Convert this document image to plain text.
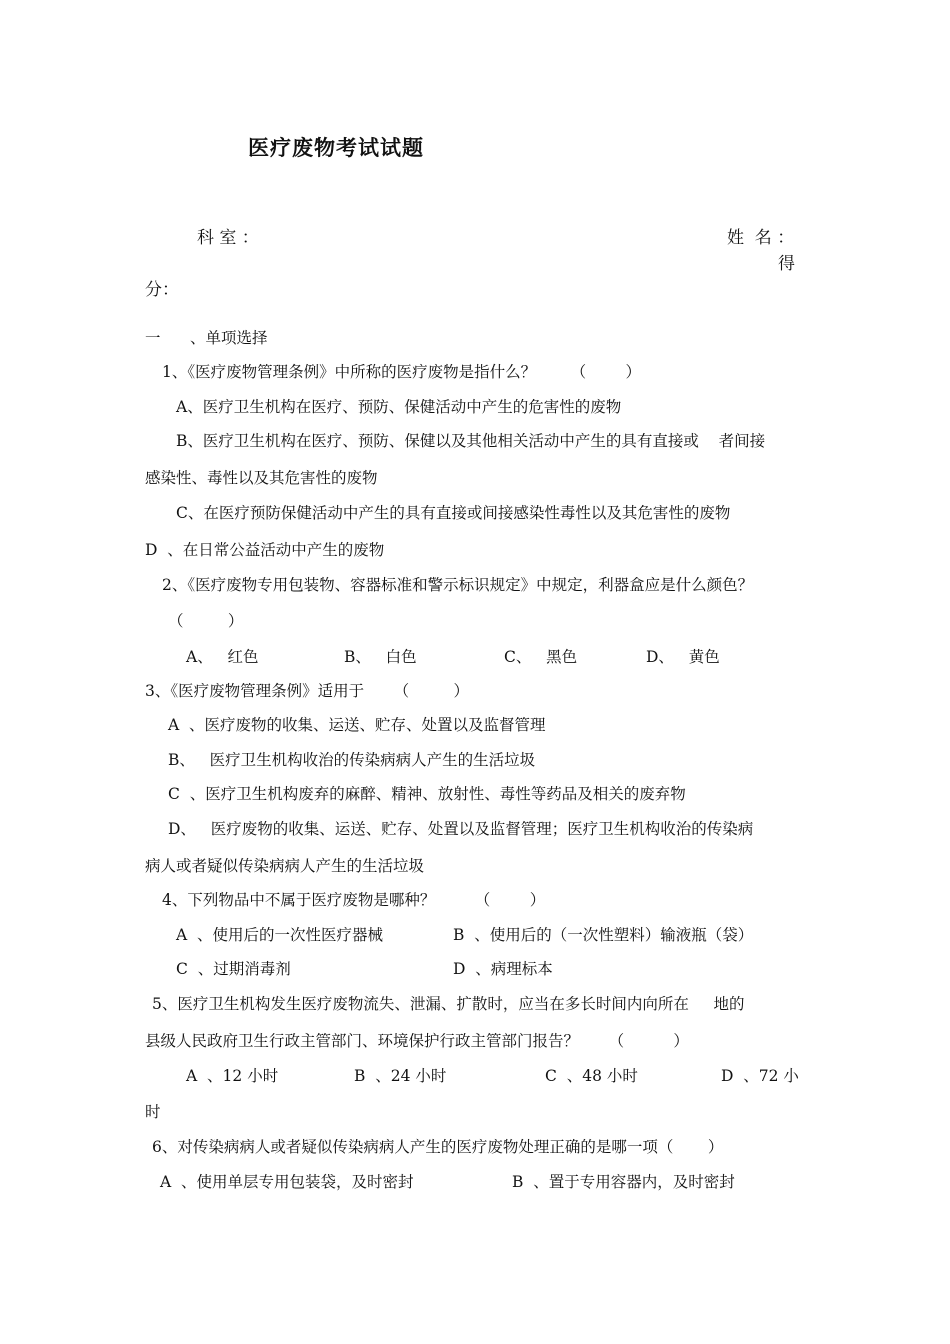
医疗废物考试试题
科 室 ：	姓  名 ：
得
分：
一      、单项选择
1、《医疗废物管理条例》中所称的医疗废物是指什么？       （        ）
A、医疗卫生机构在医疗、预防、保健活动中产生的危害性的废物
B、医疗卫生机构在医疗、预防、保健以及其他相关活动中产生的具有直接或    者间接
感染性、毒性以及其危害性的废物
C、在医疗预防保健活动中产生的具有直接或间接感染性毒性以及其危害性的废物
D  、在日常公益活动中产生的废物
2、《医疗废物专用包装物、容器标准和警示标识规定》中规定，利器盒应是什么颜色？
（         ）
A、   红色	B、   白色	C、   黑色	D、   黄色
3、《医疗废物管理条例》适用于      （         ）
A  、医疗废物的收集、运送、贮存、处置以及监督管理
B、   医疗卫生机构收治的传染病病人产生的生活垃圾
C  、医疗卫生机构废弃的麻醉、精神、放射性、毒性等药品及相关的废弃物
D、   医疗废物的收集、运送、贮存、处置以及监督管理；医疗卫生机构收治的传染病
病人或者疑似传染病病人产生的生活垃圾
4、下列物品中不属于医疗废物是哪种？        （        ）
A  、使用后的一次性医疗器械	B  、使用后的（一次性塑料）输液瓶（袋）
C  、过期消毒剂	D  、病理标本
5、医疗卫生机构发生医疗废物流失、泄漏、扩散时，应当在多长时间内向所在     地的
县级人民政府卫生行政主管部门、环境保护行政主管部门报告？      （          ）
A  、12 小时	B  、24 小时	C  、48 小时	D  、72 小
时
6、对传染病病人或者疑似传染病病人产生的医疗废物处理正确的是哪一项（       ）
A  、使用单层专用包装袋，及时密封	B  、置于专用容器内，及时密封
